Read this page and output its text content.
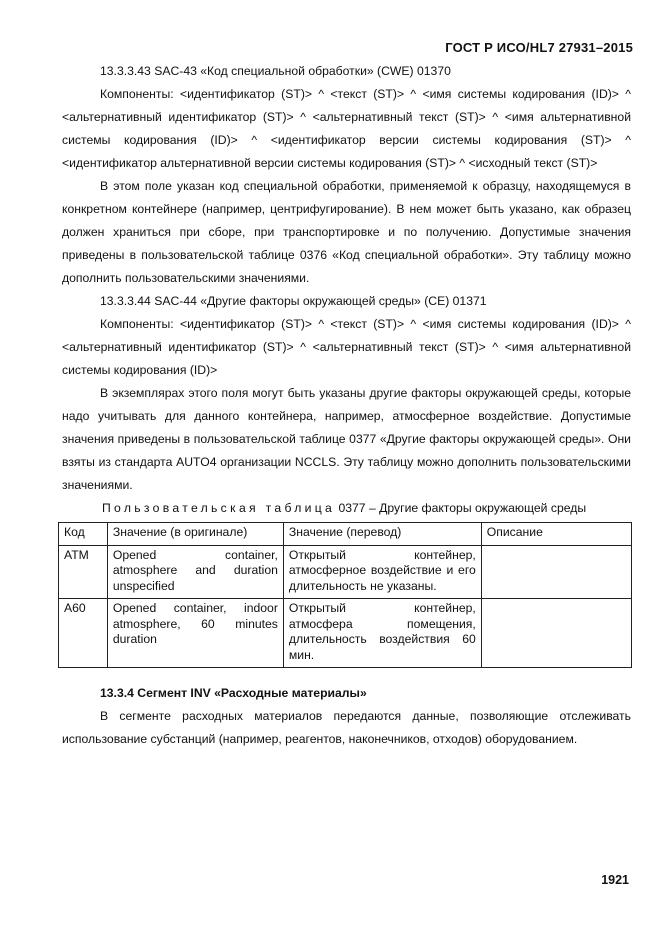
ГОСТ Р ИСО/HL7 27931–2015

13.3.3.43 SAC-43 «Код специальной обработки» (CWE) 01370

Компоненты: <идентификатор (ST)> ^ <текст (ST)> ^ <имя системы кодирования (ID)> ^ <альтернативный идентификатор (ST)> ^ <альтернативный текст (ST)> ^ <имя альтернативной системы кодирования (ID)> ^ <идентификатор версии системы кодирования (ST)> ^ <идентификатор альтернативной версии системы кодирования (ST)> ^ <исходный текст (ST)>

В этом поле указан код специальной обработки, применяемой к образцу, находящемуся в конкретном контейнере (например, центрифугирование). В нем может быть указано, как образец должен храниться при сборе, при транспортировке и по получению. Допустимые значения приведены в пользовательской таблице 0376 «Код специальной обработки». Эту таблицу можно дополнить пользовательскими значениями.

13.3.3.44 SAC-44 «Другие факторы окружающей среды» (CE) 01371

Компоненты: <идентификатор (ST)> ^ <текст (ST)> ^ <имя системы кодирования (ID)> ^ <альтернативный идентификатор (ST)> ^ <альтернативный текст (ST)> ^ <имя альтернативной системы кодирования (ID)>

В экземплярах этого поля могут быть указаны другие факторы окружающей среды, которые надо учитывать для данного контейнера, например, атмосферное воздействие. Допустимые значения приведены в пользовательской таблице 0377 «Другие факторы окружающей среды». Они взяты из стандарта AUTO4 организации NCCLS. Эту таблицу можно дополнить пользовательскими значениями.

Пользовательская таблица 0377 – Другие факторы окружающей среды

Код	Значение (в оригинале)	Значение (перевод)	Описание
ATM	Opened container, atmosphere and duration unspecified	Открытый контейнер, атмосферное воздействие и его длительность не указаны.	
A60	Opened container, indoor atmosphere, 60 minutes duration	Открытый контейнер, атмосфера помещения, длительность воздействия 60 мин.	

13.3.4 Сегмент INV «Расходные материалы»

В сегменте расходных материалов передаются данные, позволяющие отслеживать использование субстанций (например, реагентов, наконечников, отходов) оборудованием.

1921
